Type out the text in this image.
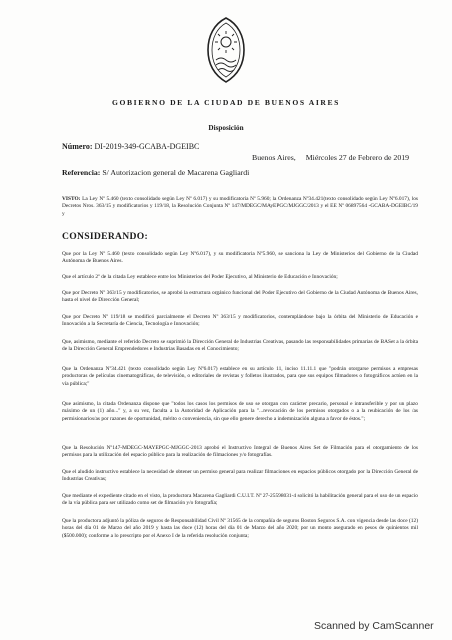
GOBIERNO DE LA CIUDAD DE BUENOS AIRES
Disposición
Número: DI-2019-349-GCABA-DGEIBC
Buenos Aires, Miércoles 27 de Febrero de 2019
Referencia: S/ Autorizacion general de Macarena Gagliardi
VISTO: La Ley Nº 5.460 (texto consolidado según Ley Nº 6.017) y su modificatoria Nº 5.960; la Ordenanza Nº34.421(texto consolidado según Ley Nº6.017), los Decretos Nros. 363/15 y modificatorios y 119/18, la Resolución Conjunta Nº 147/MDEGC/MAyEPGC/MJGGC/2013 y el EE Nº 06897564 -GCABA-DGEIBC/19 y
CONSIDERANDO:
Que por la Ley Nº 5.460 (texto consolidado según Ley Nº6.017), y su modificatoria Nº5.960, se sanciona la Ley de Ministerios del Gobierno de la Ciudad Autónoma de Buenos Aires.
Que el artículo 2º de la citada Ley establece entre los Ministerios del Poder Ejecutivo, al Ministerio de Educación e Innovación;
Que por Decreto Nº 363/15 y modificatorios, se aprobó la estructura orgánico funcional del Poder Ejecutivo del Gobierno de la Ciudad Autónoma de Buenos Aires, hasta el nivel de Dirección General;
Que por Decreto Nº 119/18 se modificó parcialmente el Decreto Nº 363/15 y modificatorios, contemplándose bajo la órbita del Ministerio de Educación e Innovación a la Secretaría de Ciencia, Tecnología e Innovación;
Que, asimismo, mediante el referido Decreto se suprimió la Dirección General de Industrias Creativas, pasando las responsabilidades primarias de BASet a la órbita de la Dirección General Emprendedores e Industrias Basadas en el Conocimiento;
Que la Ordenanza Nº34.421 (texto consolidado según Ley Nº6.017) establece en su artículo 11, inciso 11.11.1 que "podrán otorgarse permisos a empresas productoras de películas cinematográficas, de televisión, o editoriales de revistas y folletos ilustrados, para que sus equipos filmadores o fotográficos actúen en la vía pública;"
Que asimismo, la citada Ordenanza dispone que "todos los casos los permisos de uso se otorgan con carácter precario, personal e intransferible y por un plazo máximo de un (1) año..." y, a su vez, faculta a la Autoridad de Aplicación para la "...revocación de los permisos otorgados o a la reubicación de los /as permisionarios/as por razones de oportunidad, mérito o conveniencia, sin que ello genere derecho a indemnización alguna a favor de éstos.";
Que la Resolución Nº147-MDEGC-MAYEPGC-MJGGC-2013 aprobó el Instructivo Integral de Buenos Aires Set de Filmación para el otorgamiento de los permisos para la utilización del espacio público para la realización de filmaciones y/o fotografías.
Que el aludido instructivo establece la necesidad de obtener un permiso general para realizar filmaciones en espacios públicos otorgado por la Dirección General de Industrias Creativas;
Que mediante el expediente citado en el visto, la productora Macarena Gagliardi C.U.I.T. Nº 27-25598031-4 solicitó la habilitación general para el uso de un espacio de la vía pública para ser utilizado como set de filmación y/o fotografía;
Que la productora adjuntó la póliza de seguros de Responsabilidad Civil Nº 31565 de la compañía de seguros Boston Seguros S.A. con vigencia desde las doce (12) horas del día 01 de Marzo del año 2019 y hasta las doce (12) horas del día 01 de Marzo del año 2020; por un monto asegurado en pesos de quinientos mil ($500.000); conforme a lo prescripto por el Anexo I de la referida resolución conjunta;
Scanned by CamScanner
